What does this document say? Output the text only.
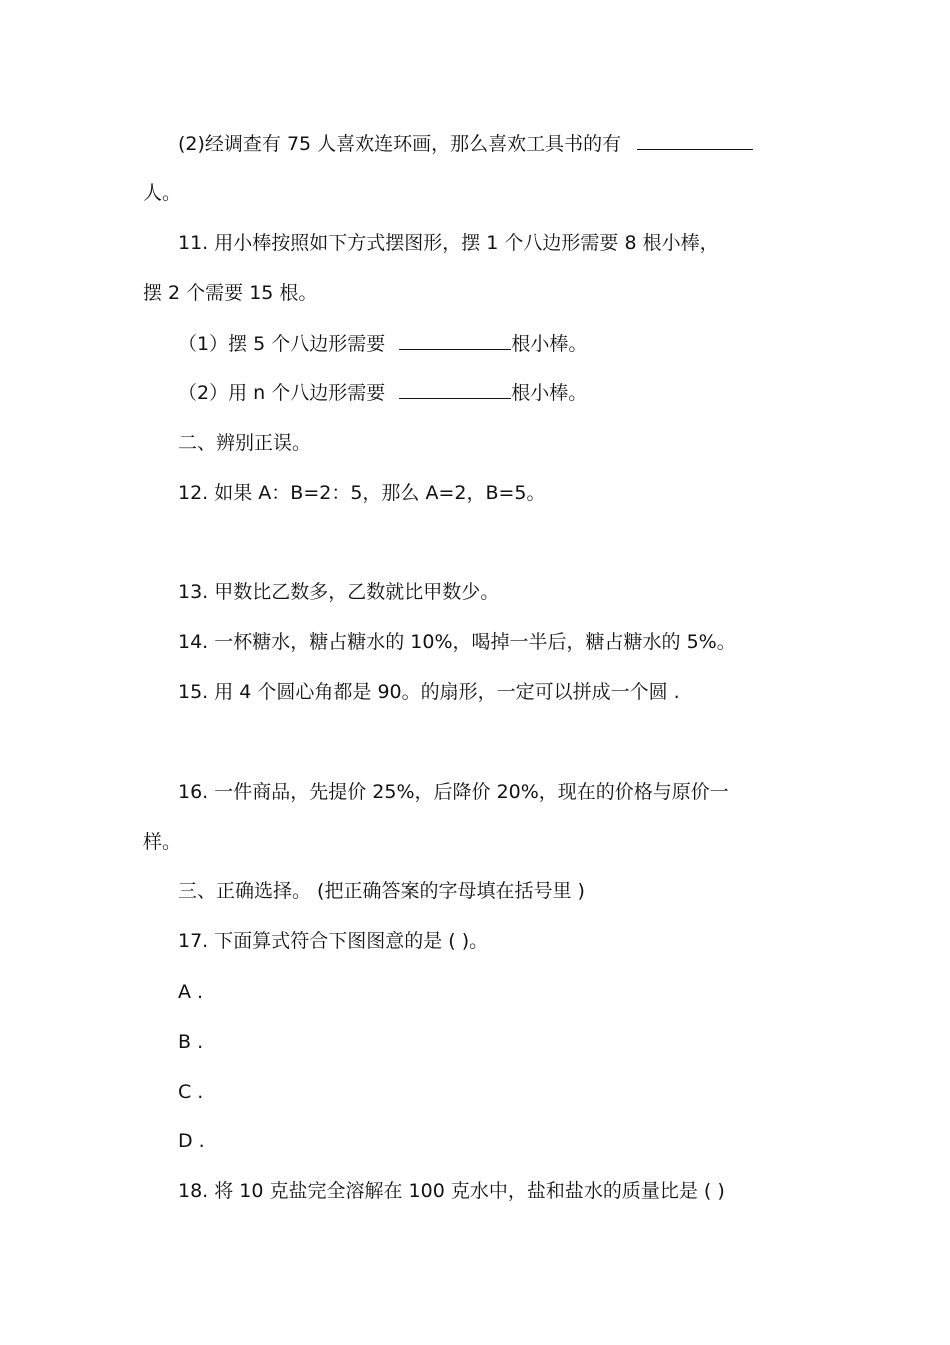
(2)经调查有 75 人喜欢连环画，那么喜欢工具书的有
人。
11. 用小棒按照如下方式摆图形，摆 1 个八边形需要 8 根小棒，
摆 2 个需要 15 根。
（1）摆 5 个八边形需要	根小棒。
（2）用 n 个八边形需要	根小棒。
二、辨别正误。
12. 如果 A：B=2：5，那么 A=2，B=5。
13. 甲数比乙数多，乙数就比甲数少。
14. 一杯糖水，糖占糖水的 10%，喝掉一半后，糖占糖水的 5%。
15. 用 4 个圆心角都是 90。的扇形，一定可以拼成一个圆 .
16. 一件商品，先提价 25%，后降价 20%，现在的价格与原价一
样。
三、正确选择。 (把正确答案的字母填在括号里 )
17. 下面算式符合下图图意的是 ( )。
A .
B .
C .
D .
18. 将 10 克盐完全溶解在 100 克水中，盐和盐水的质量比是 ( )
